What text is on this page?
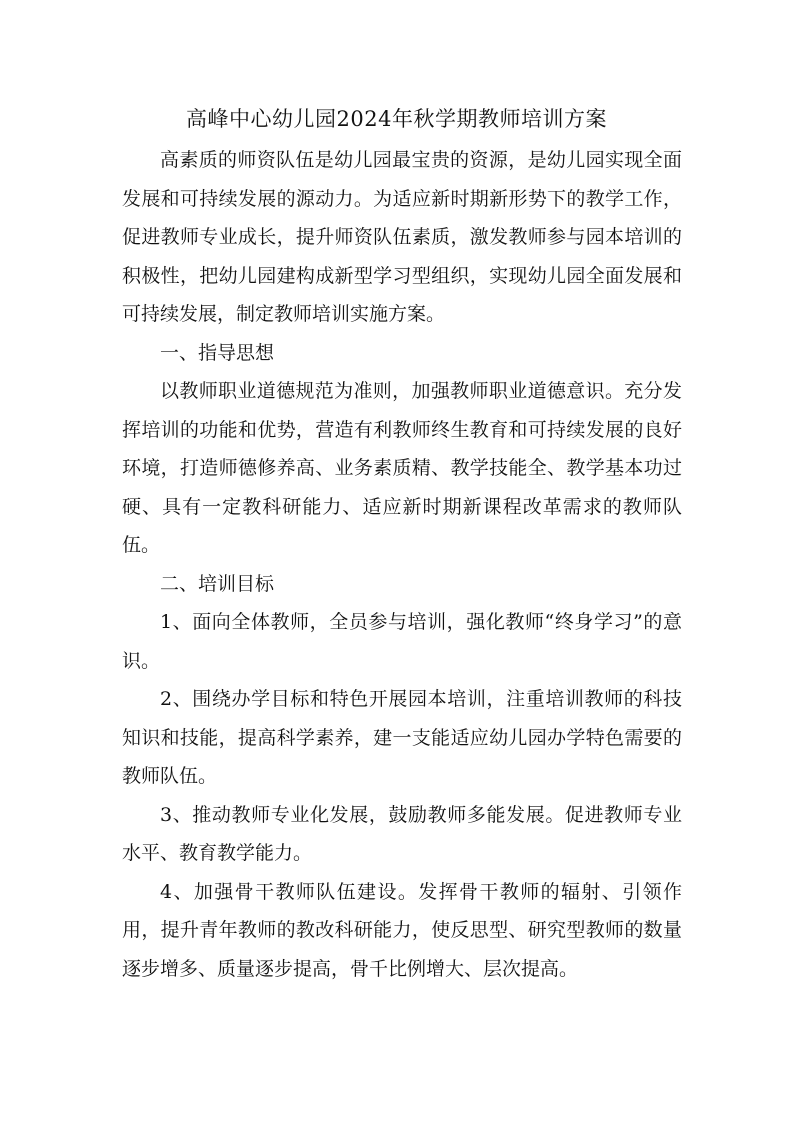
高峰中心幼儿园2024年秋学期教师培训方案

高素质的师资队伍是幼儿园最宝贵的资源，是幼儿园实现全面发展和可持续发展的源动力。为适应新时期新形势下的教学工作，促进教师专业成长，提升师资队伍素质，激发教师参与园本培训的积极性，把幼儿园建构成新型学习型组织，实现幼儿园全面发展和可持续发展，制定教师培训实施方案。

一、指导思想

以教师职业道德规范为准则，加强教师职业道德意识。充分发挥培训的功能和优势，营造有利教师终生教育和可持续发展的良好环境，打造师德修养高、业务素质精、教学技能全、教学基本功过硬、具有一定教科研能力、适应新时期新课程改革需求的教师队伍。

二、培训目标

1、面向全体教师，全员参与培训，强化教师“终身学习”的意识。

2、围绕办学目标和特色开展园本培训，注重培训教师的科技知识和技能，提高科学素养，建一支能适应幼儿园办学特色需要的教师队伍。

3、推动教师专业化发展，鼓励教师多能发展。促进教师专业水平、教育教学能力。

4、加强骨干教师队伍建设。发挥骨干教师的辐射、引领作用，提升青年教师的教改科研能力，使反思型、研究型教师的数量逐步增多、质量逐步提高，骨千比例增大、层次提高。
